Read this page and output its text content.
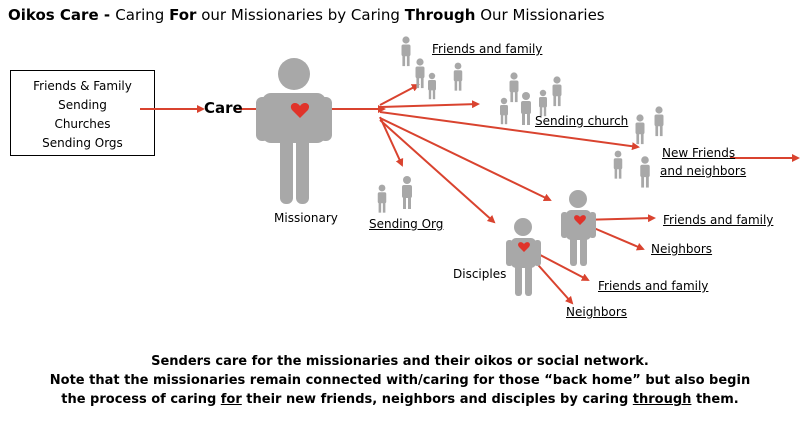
Oikos Care - Caring For our Missionaries by Caring Through Our Missionaries
Friends & Family Sending
Churches
Sending Orgs
Care
Missionary
Friends and family
Sending church
New Friends
and neighbors
Sending Org
Disciples
Friends and family
Neighbors
Friends and family
Neighbors
Senders care for the missionaries and their oikos or social network.
Note that the missionaries remain connected with/caring for those “back home” but also begin
the process of caring for their new friends, neighbors and disciples by caring through them.
